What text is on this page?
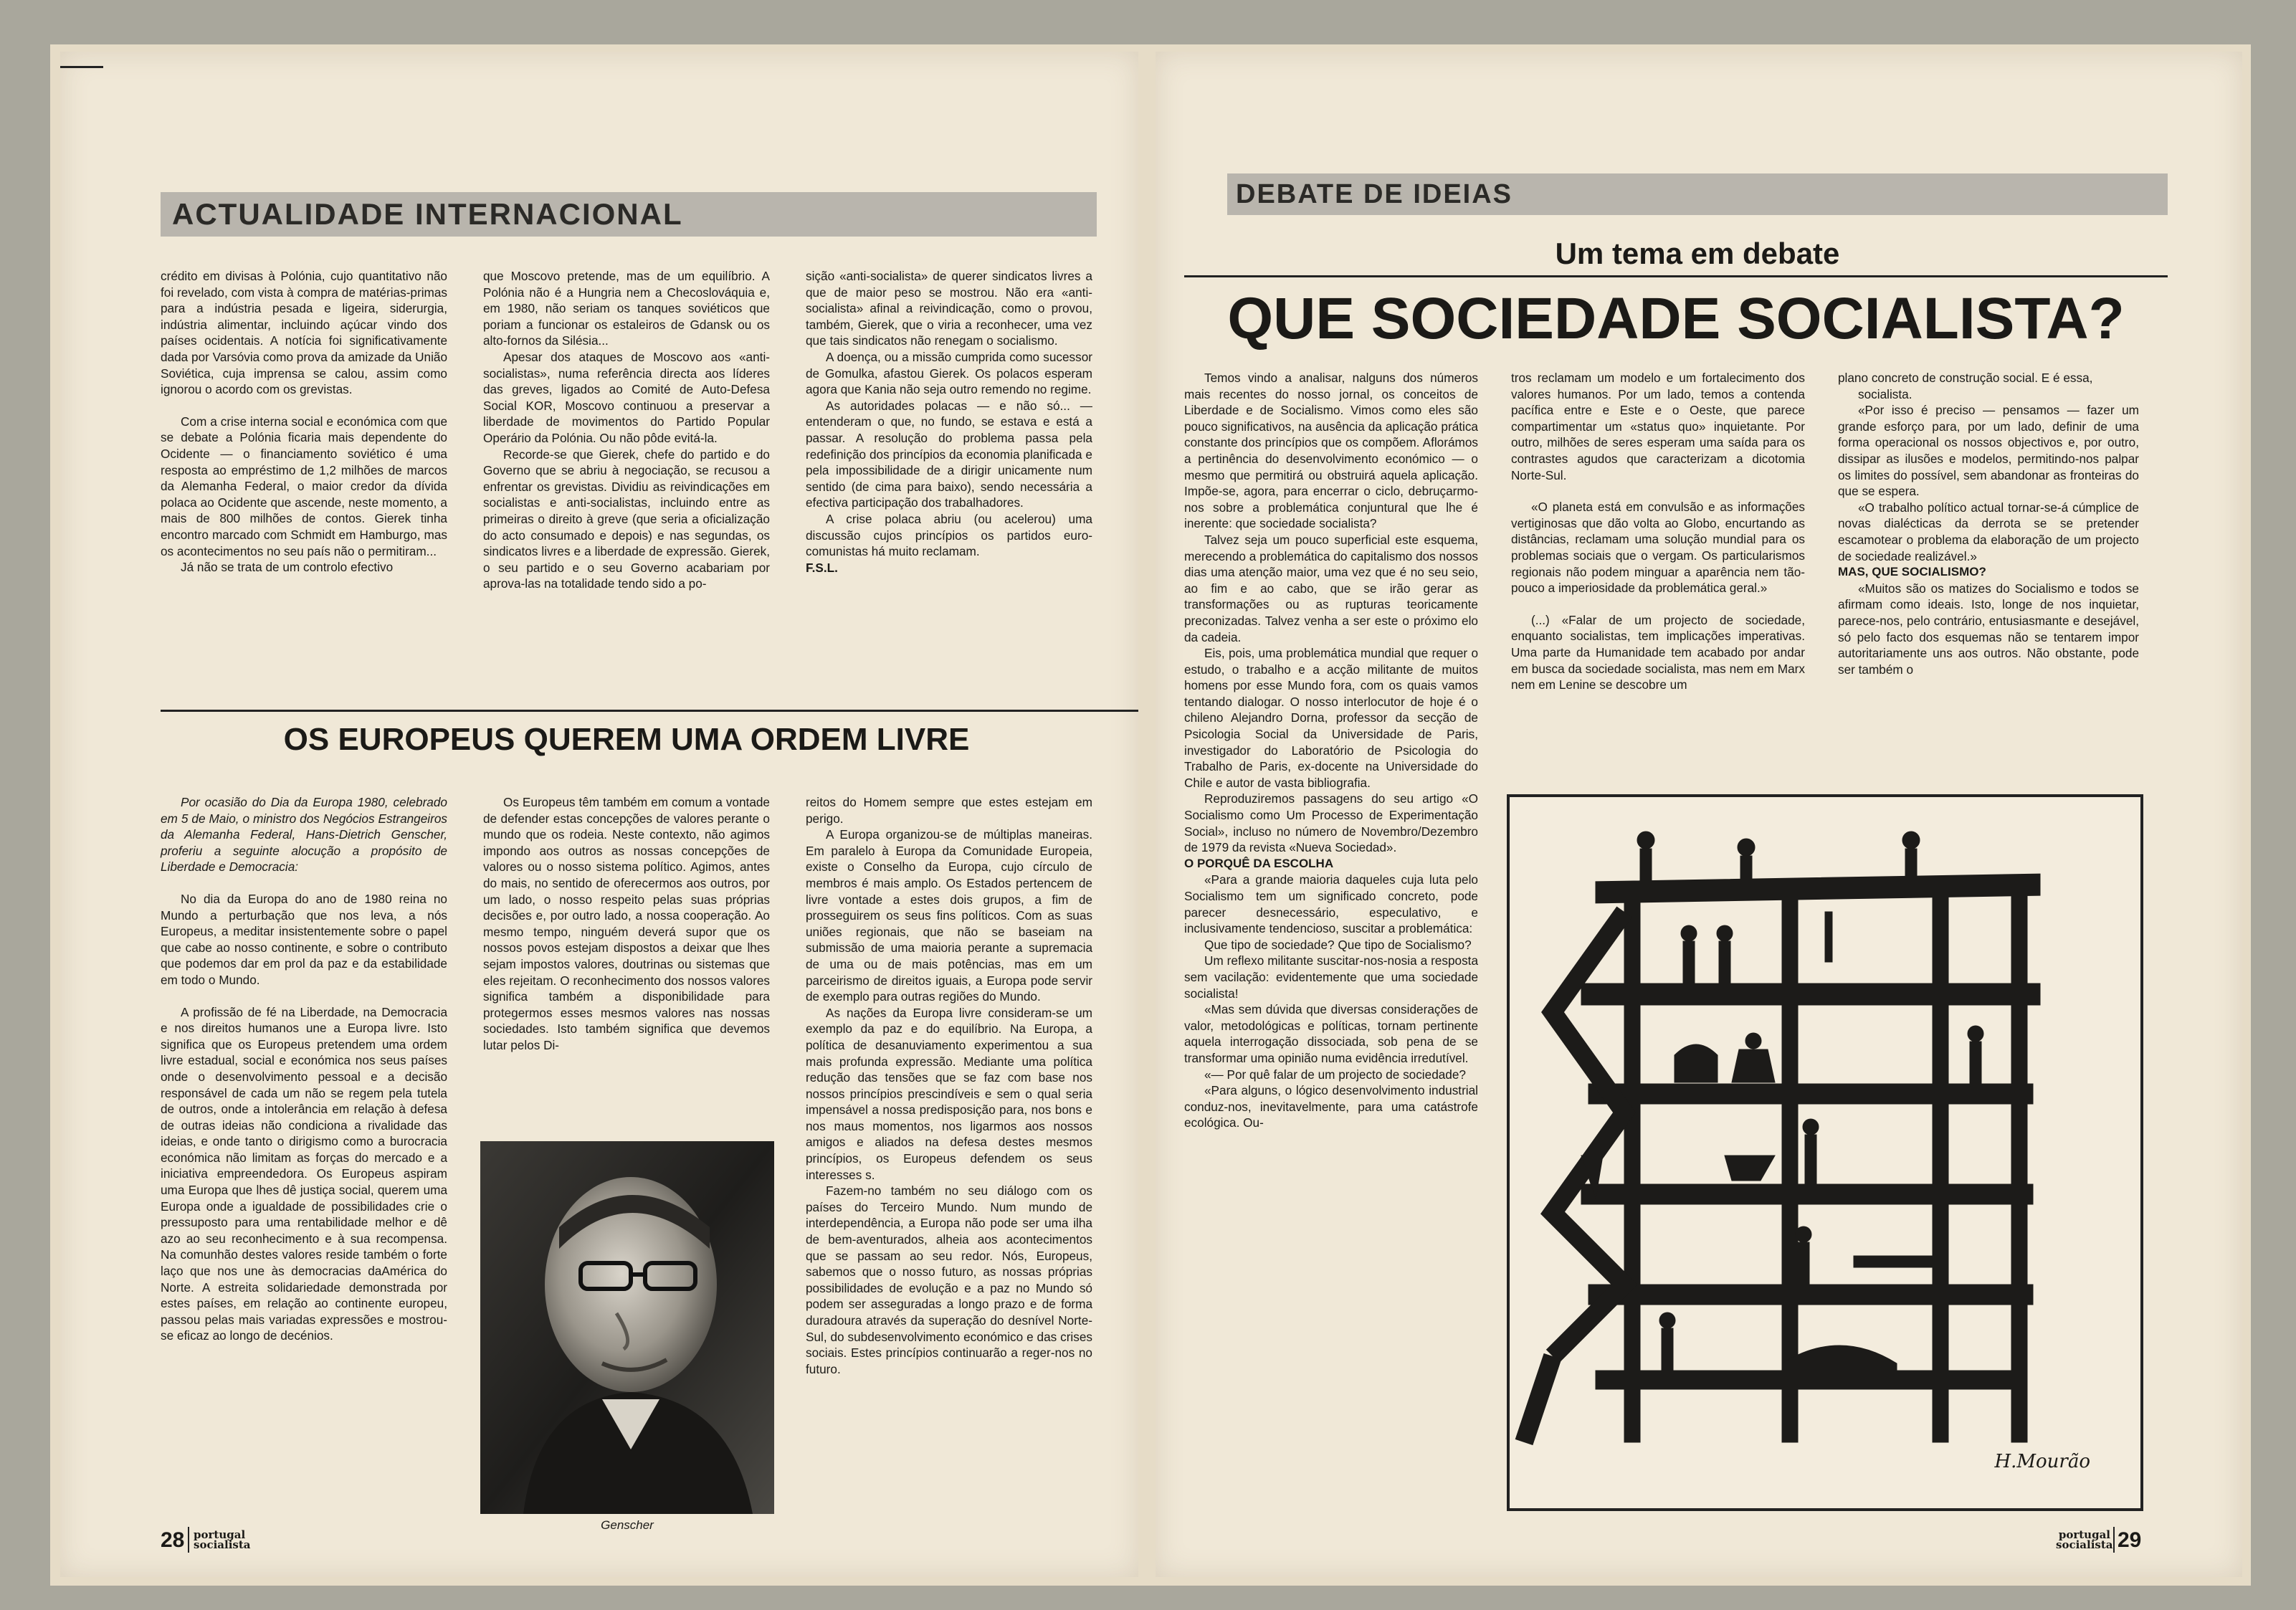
ACTUALIDADE INTERNACIONAL

crédito em divisas à Polónia, cujo quantitativo não foi revelado, com vista à compra de matérias-primas para a indústria pesada e ligeira, siderurgia, indústria alimentar, incluindo açúcar vindo dos países ocidentais. A notícia foi significativamente dada por Varsóvia como prova da amizade da União Soviética, cuja imprensa se calou, assim como ignorou o acordo com os grevistas.

Com a crise interna social e económica com que se debate a Polónia ficaria mais dependente do Ocidente — o financiamento soviético é uma resposta ao empréstimo de 1,2 milhões de marcos da Alemanha Federal, o maior credor da dívida polaca ao Ocidente que ascende, neste momento, a mais de 800 milhões de contos. Gierek tinha encontro marcado com Schmidt em Hamburgo, mas os acontecimentos no seu país não o permitiram...

Já não se trata de um controlo efectivo

que Moscovo pretende, mas de um equilíbrio. A Polónia não é a Hungria nem a Checoslováquia e, em 1980, não seriam os tanques soviéticos que poriam a funcionar os estaleiros de Gdansk ou os alto-fornos da Silésia...

Apesar dos ataques de Moscovo aos «anti-socialistas», numa referência directa aos líderes das greves, ligados ao Comité de Auto-Defesa Social KOR, Moscovo continuou a preservar a liberdade de movimentos do Partido Popular Operário da Polónia. Ou não pôde evitá-la.

Recorde-se que Gierek, chefe do partido e do Governo que se abriu à negociação, se recusou a enfrentar os grevistas. Dividiu as reivindicações em socialistas e anti-socialistas, incluindo entre as primeiras o direito à greve (que seria a oficialização do acto consumado e depois) e nas segundas, os sindicatos livres e a liberdade de expressão. Gierek, o seu partido e o seu Governo acabariam por aprova-las na totalidade tendo sido a po-

sição «anti-socialista» de querer sindicatos livres a que de maior peso se mostrou. Não era «anti-socialista» afinal a reivindicação, como o provou, também, Gierek, que o viria a reconhecer, uma vez que tais sindicatos não renegam o socialismo.

A doença, ou a missão cumprida como sucessor de Gomulka, afastou Gierek. Os polacos esperam agora que Kania não seja outro remendo no regime.

As autoridades polacas — e não só... — entenderam o que, no fundo, se estava e está a passar. A resolução do problema passa pela redefinição dos princípios da economia planificada e pela impossibilidade de a dirigir unicamente num sentido (de cima para baixo), sendo necessária a efectiva participação dos trabalhadores.

A crise polaca abriu (ou acelerou) uma discussão cujos princípios os partidos euro-comunistas há muito reclamam.

F.S.L.
OS EUROPEUS QUEREM UMA ORDEM LIVRE

Por ocasião do Dia da Europa 1980, celebrado em 5 de Maio, o ministro dos Negócios Estrangeiros da Alemanha Federal, Hans-Dietrich Genscher, proferiu a seguinte alocução a propósito de Liberdade e Democracia:

No dia da Europa do ano de 1980 reina no Mundo a perturbação que nos leva, a nós Europeus, a meditar insistentemente sobre o papel que cabe ao nosso continente, e sobre o contributo que podemos dar em prol da paz e da estabilidade em todo o Mundo.

A profissão de fé na Liberdade, na Democracia e nos direitos humanos une a Europa livre. Isto significa que os Europeus pretendem uma ordem livre estadual, social e económica nos seus países onde o desenvolvimento pessoal e a decisão responsável de cada um não se regem pela tutela de outros, onde a intolerância em relação à defesa de outras ideias não condiciona a rivalidade das ideias, e onde tanto o dirigismo como a burocracia económica não limitam as forças do mercado e a iniciativa empreendedora. Os Europeus aspiram uma Europa que lhes dê justiça social, querem uma Europa onde a igualdade de possibilidades crie o pressuposto para uma rentabilidade melhor e dê azo ao seu reconhecimento e à sua recompensa. Na comunhão destes valores reside também o forte laço que nos une às democracias daAmérica do Norte. A estreita solidariedade demonstrada por estes países, em relação ao continente europeu, passou pelas mais variadas expressões e mostrou-se eficaz ao longo de decénios.

Os Europeus têm também em comum a vontade de defender estas concepções de valores perante o mundo que os rodeia. Neste contexto, não agimos impondo aos outros as nossas concepções de valores ou o nosso sistema político. Agimos, antes do mais, no sentido de oferecermos aos outros, por um lado, o nosso respeito pelas suas próprias decisões e, por outro lado, a nossa cooperação. Ao mesmo tempo, ninguém deverá supor que os nossos povos estejam dispostos a deixar que lhes sejam impostos valores, doutrinas ou sistemas que eles rejeitam. O reconhecimento dos nossos valores significa também a disponibilidade para protegermos esses mesmos valores nas nossas sociedades. Isto também significa que devemos lutar pelos Di-

reitos do Homem sempre que estes estejam em perigo.

A Europa organizou-se de múltiplas maneiras. Em paralelo à Europa da Comunidade Europeia, existe o Conselho da Europa, cujo círculo de membros é mais amplo. Os Estados pertencem de livre vontade a estes dois grupos, a fim de prosseguirem os seus fins políticos. Com as suas uniões regionais, que não se baseiam na submissão de uma maioria perante a supremacia de uma ou de mais potências, mas em um parceirismo de direitos iguais, a Europa pode servir de exemplo para outras regiões do Mundo.

As nações da Europa livre consideram-se um exemplo da paz e do equilíbrio. Na Europa, a política de desanuviamento experimentou a sua mais profunda expressão. Mediante uma política redução das tensões que se faz com base nos nossos princípios prescindíveis e sem o qual seria impensável a nossa predisposição para, nos bons e nos maus momentos, nos ligarmos aos nossos amigos e aliados na defesa destes mesmos princípios, os Europeus defendem os seus interesses s.

Fazem-no também no seu diálogo com os países do Terceiro Mundo. Num mundo de interdependência, a Europa não pode ser uma ilha de bem-aventurados, alheia aos acontecimentos que se passam ao seu redor. Nós, Europeus, sabemos que o nosso futuro, as nossas próprias possibilidades de evolução e a paz no Mundo só podem ser asseguradas a longo prazo e de forma duradoura através da superação do desnível Norte-Sul, do subdesenvolvimento económico e das crises sociais. Estes princípios continuarão a reger-nos no futuro.

Genscher
28 portugal
socialista
DEBATE DE IDEIAS
Um tema em debate
QUE SOCIEDADE SOCIALISTA?

Temos vindo a analisar, nalguns dos números mais recentes do nosso jornal, os conceitos de Liberdade e de Socialismo. Vimos como eles são pouco significativos, na ausência da aplicação prática constante dos princípios que os compõem. Aflorámos a pertinência do desenvolvimento económico — o mesmo que permitirá ou obstruirá aquela aplicação. Impõe-se, agora, para encerrar o ciclo, debruçarmo-nos sobre a problemática conjuntural que lhe é inerente: que sociedade socialista?

Talvez seja um pouco superficial este esquema, merecendo a problemática do capitalismo dos nossos dias uma atenção maior, uma vez que é no seu seio, ao fim e ao cabo, que se irão gerar as transformações ou as rupturas teoricamente preconizadas. Talvez venha a ser este o próximo elo da cadeia.

Eis, pois, uma problemática mundial que requer o estudo, o trabalho e a acção militante de muitos homens por esse Mundo fora, com os quais vamos tentando dialogar. O nosso interlocutor de hoje é o chileno Alejandro Dorna, professor da secção de Psicologia Social da Universidade de Paris, investigador do Laboratório de Psicologia do Trabalho de Paris, ex-docente na Universidade do Chile e autor de vasta bibliografia.

Reproduziremos passagens do seu artigo «O Socialismo como Um Processo de Experimentação Social», incluso no número de Novembro/Dezembro de 1979 da revista «Nueva Sociedad».

O PORQUÊ DA ESCOLHA

«Para a grande maioria daqueles cuja luta pelo Socialismo tem um significado concreto, pode parecer desnecessário, especulativo, e inclusivamente tendencioso, suscitar a problemática:

Que tipo de sociedade? Que tipo de Socialismo?

Um reflexo militante suscitar-nos-nosia a resposta sem vacilação: evidentemente que uma sociedade socialista!

«Mas sem dúvida que diversas considerações de valor, metodológicas e políticas, tornam pertinente aquela interrogação dissociada, sob pena de se transformar uma opinião numa evidência irredutível.

«— Por quê falar de um projecto de sociedade?

«Para alguns, o lógico desenvolvimento industrial conduz-nos, inevitavelmente, para uma catástrofe ecológica. Ou-

tros reclamam um modelo e um fortalecimento dos valores humanos. Por um lado, temos a contenda pacífica entre e Este e o Oeste, que parece compartimentar um «status quo» inquietante. Por outro, milhões de seres esperam uma saída para os contrastes agudos que caracterizam a dicotomia Norte-Sul.

«O planeta está em convulsão e as informações vertiginosas que dão volta ao Globo, encurtando as distâncias, reclamam uma solução mundial para os problemas sociais que o vergam. Os particularismos regionais não podem minguar a aparência nem tão-pouco a imperiosidade da problemática geral.»

(...) «Falar de um projecto de sociedade, enquanto socialistas, tem implicações imperativas. Uma parte da Humanidade tem acabado por andar em busca da sociedade socialista, mas nem em Marx nem em Lenine se descobre um

plano concreto de construção social. E é essa,

socialista.

«Por isso é preciso — pensamos — fazer um grande esforço para, por um lado, definir de uma forma operacional os nossos objectivos e, por outro, dissipar as ilusões e modelos, permitindo-nos palpar os limites do possível, sem abandonar as fronteiras do que se espera.

«O trabalho político actual tornar-se-á cúmplice de novas dialécticas da derrota se se pretender escamotear o problema da elaboração de um projecto de sociedade realizável.»

MAS, QUE SOCIALISMO?

«Muitos são os matizes do Socialismo e todos se afirmam como ideais. Isto, longe de nos inquietar, parece-nos, pelo contrário, entusiasmante e desejável, só pelo facto dos esquemas não se tentarem impor autoritariamente uns aos outros. Não obstante, pode ser também o

H.Mourão
portugal
socialista 29
